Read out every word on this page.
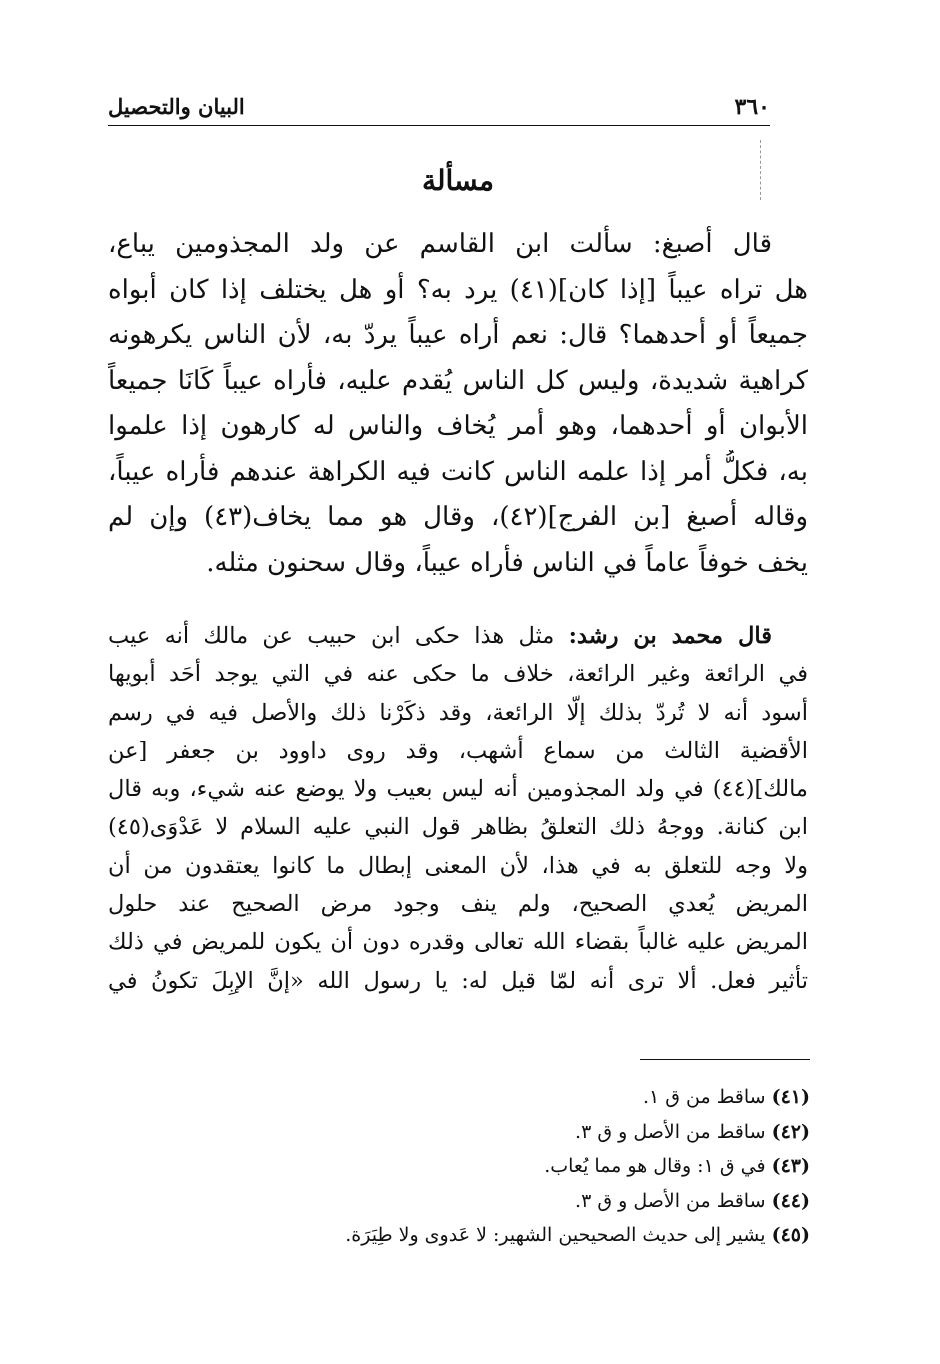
٣٦٠
البيان والتحصيل
مسألة
قال أصبغ: سألت ابن القاسم عن ولد المجذومين يباع،
هل تراه عيباً [إذا كان](٤١) يرد به؟ أو هل يختلف إذا كان أبواه
جميعاً أو أحدهما؟ قال: نعم أراه عيباً يردّ به، لأن الناس يكرهونه
كراهية شديدة، وليس كل الناس يُقدم عليه، فأراه عيباً كَانَا جميعاً
الأبوان أو أحدهما، وهو أمر يُخاف والناس له كارهون إذا علموا
به، فكلُّ أمر إذا علمه الناس كانت فيه الكراهة عندهم فأراه عيباً،
وقاله أصبغ [بن الفرج](٤٢)، وقال هو مما يخاف(٤٣) وإن لم
يخف خوفاً عاماً في الناس فأراه عيباً، وقال سحنون مثله.
قال محمد بن رشد: مثل هذا حكى ابن حبيب عن مالك أنه عيب
في الرائعة وغير الرائعة، خلاف ما حكى عنه في التي يوجد أحَد أبويها
أسود أنه لا تُردّ بذلك إلّا الرائعة، وقد ذكَرْنا ذلك والأصل فيه في رسم
الأقضية الثالث من سماع أشهب، وقد روى داوود بن جعفر [عن
مالك](٤٤) في ولد المجذومين أنه ليس بعيب ولا يوضع عنه شيء، وبه قال
ابن كنانة. ووجهُ ذلك التعلقُ بظاهر قول النبي عليه السلام لا عَدْوَى(٤٥)
ولا وجه للتعلق به في هذا، لأن المعنى إبطال ما كانوا يعتقدون من أن
المريض يُعدي الصحيح، ولم ينف وجود مرض الصحيح عند حلول
المريض عليه غالباً بقضاء الله تعالى وقدره دون أن يكون للمريض في ذلك
تأثير فعل. ألا ترى أنه لمّا قيل له: يا رسول الله «إنَّ الإبِلَ تكونُ في
(٤١) ساقط من ق ١.
(٤٢) ساقط من الأصل و ق ٣.
(٤٣) في ق ١: وقال هو مما يُعاب.
(٤٤) ساقط من الأصل و ق ٣.
(٤٥) يشير إلى حديث الصحيحين الشهير: لا عَدوى ولا طِيَرَة.
